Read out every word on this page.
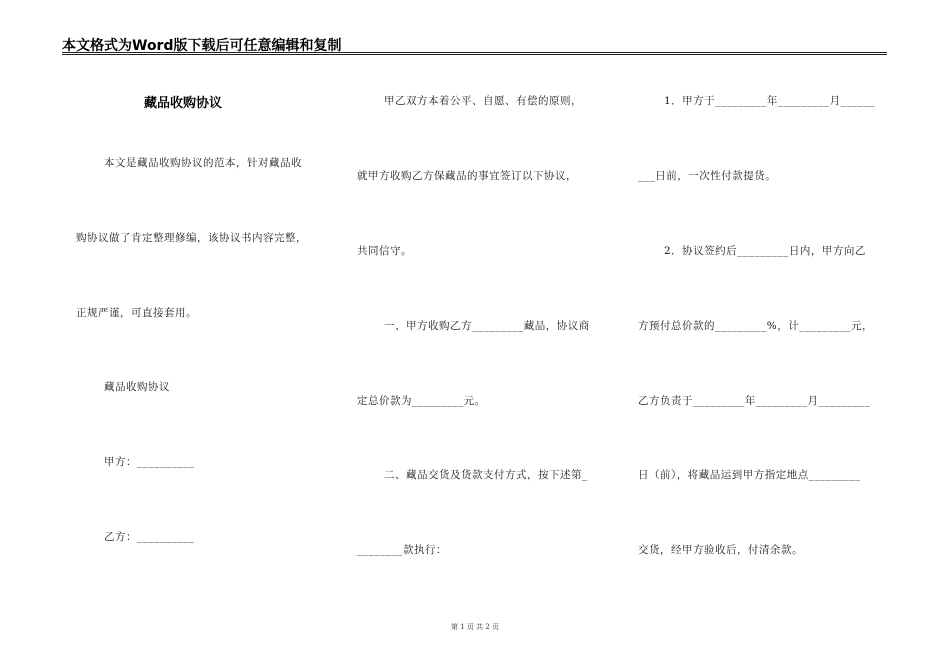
本文格式为Word版下载后可任意编辑和复制
藏品收购协议
本文是藏品收购协议的范本，针对藏品收
购协议做了肯定整理修编，该协议书内容完整，
正规严谨，可直接套用。
藏品收购协议
甲方：__________
乙方：__________
甲乙双方本着公平、自愿、有偿的原则，
就甲方收购乙方保藏品的事宜签订以下协议，
共同信守。
一、甲方收购乙方_________藏品，协议商
定总价款为_________元。
二、藏品交货及货款支付方式，按下述第_
________款执行：
1．甲方于_________年_________月______
___日前，一次性付款提货。
2．协议签约后_________日内，甲方向乙
方预付总价款的_________%，计_________元，
乙方负责于_________年_________月_________
日（前），将藏品运到甲方指定地点_________
交货，经甲方验收后，付清余款。
第 1 页 共 2 页
